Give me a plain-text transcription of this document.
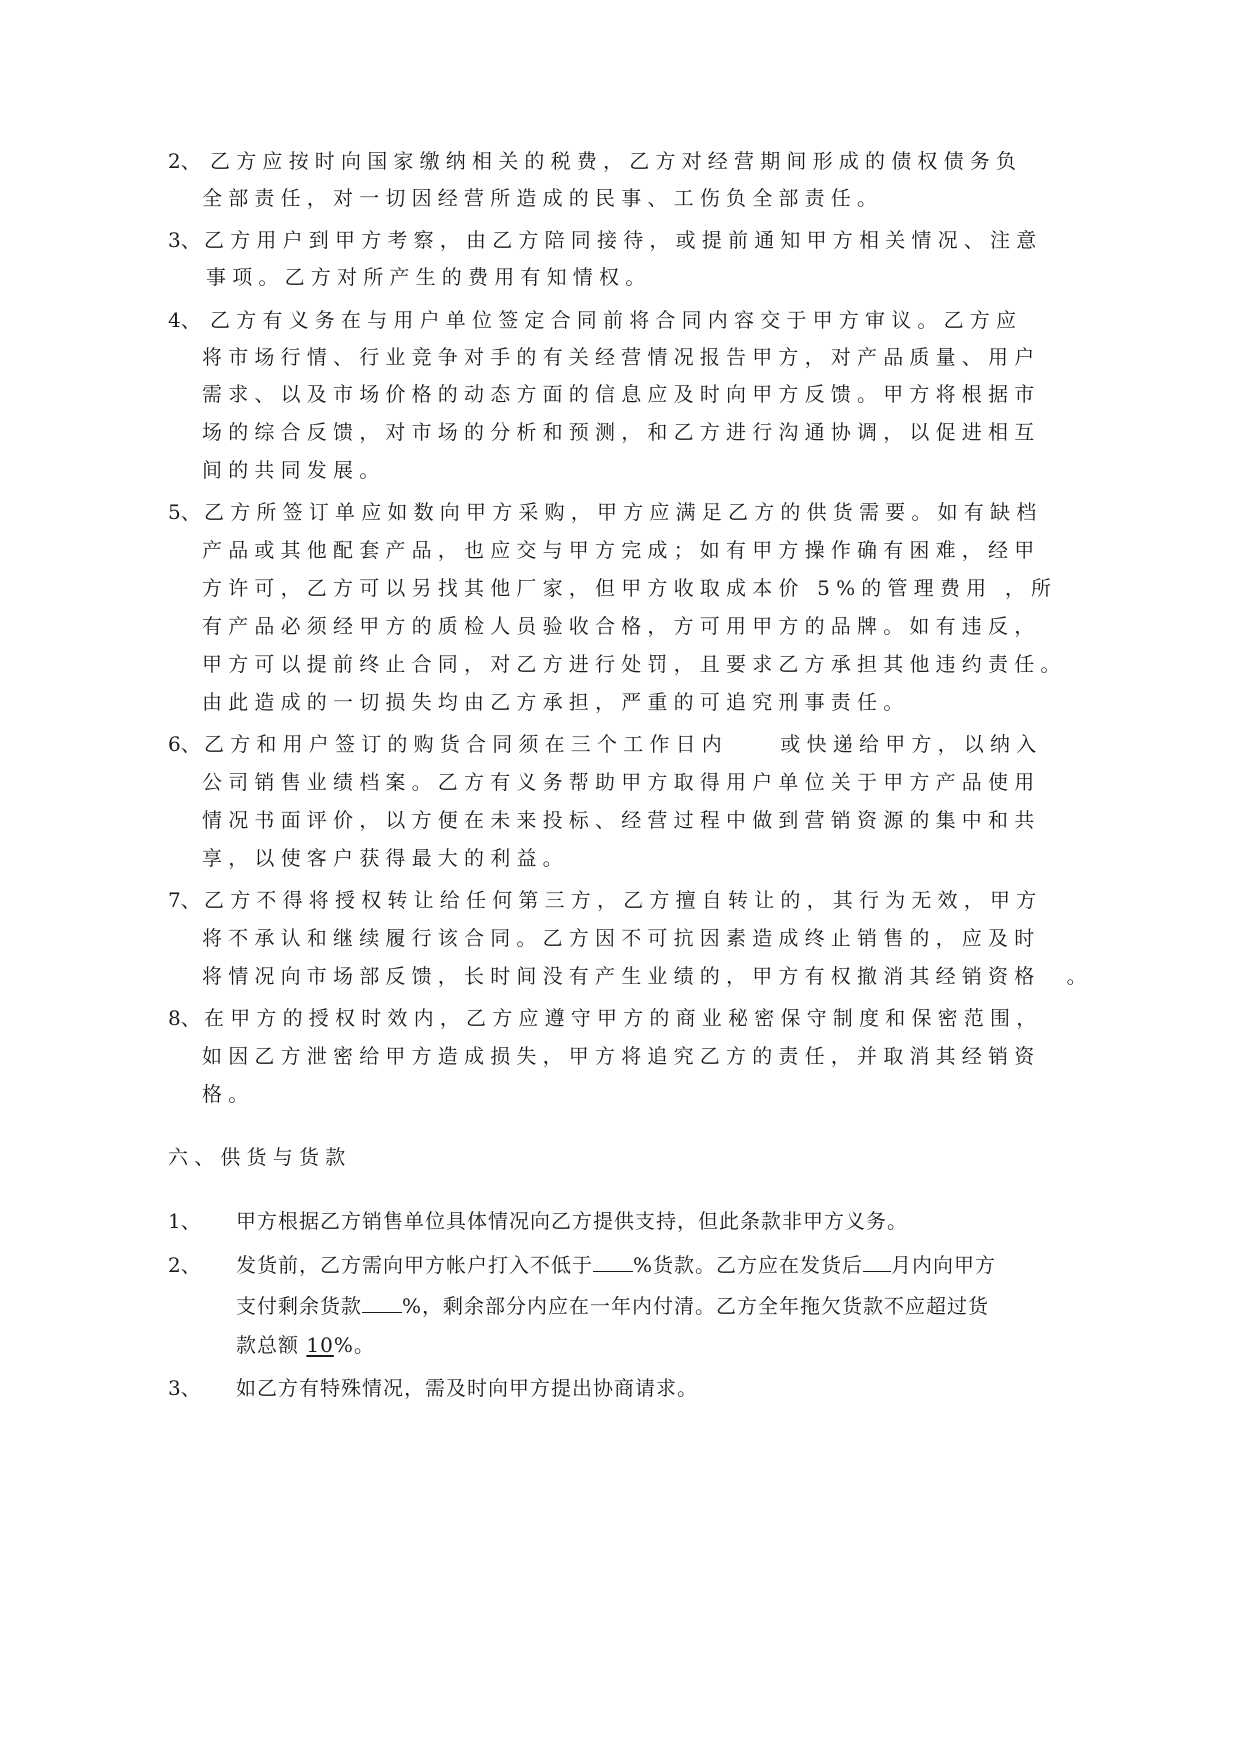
2、 乙方应按时向国家缴纳相关的税费，乙方对经营期间形成的债权债务负
全部责任，对一切因经营所造成的民事、工伤负全部责任。
3、 乙方用户到甲方考察，由乙方陪同接待，或提前通知甲方相关情况、注意
事项。乙方对所产生的费用有知情权。
4、 乙方有义务在与用户单位签定合同前将合同内容交于甲方审议。乙方应
将市场行情、行业竞争对手的有关经营情况报告甲方，对产品质量、用户
需求、以及市场价格的动态方面的信息应及时向甲方反馈。甲方将根据市
场的综合反馈，对市场的分析和预测，和乙方进行沟通协调，以促进相互
间的共同发展。
5、 乙方所签订单应如数向甲方采购，甲方应满足乙方的供货需要。如有缺档
产品或其他配套产品，也应交与甲方完成；如有甲方操作确有困难，经甲
方许可，乙方可以另找其他厂家，但甲方收取成本价 5%的管理费用 ，所
有产品必须经甲方的质检人员验收合格，方可用甲方的品牌。如有违反，
甲方可以提前终止合同，对乙方进行处罚，且要求乙方承担其他违约责任。
由此造成的一切损失均由乙方承担，严重的可追究刑事责任。
6、 乙方和用户签订的购货合同须在三个工作日内　　或快递给甲方，以纳入
公司销售业绩档案。乙方有义务帮助甲方取得用户单位关于甲方产品使用
情况书面评价，以方便在未来投标、经营过程中做到营销资源的集中和共
享，以使客户获得最大的利益。
7、 乙方不得将授权转让给任何第三方，乙方擅自转让的，其行为无效，甲方
将不承认和继续履行该合同。乙方因不可抗因素造成终止销售的，应及时
将情况向市场部反馈，长时间没有产生业绩的，甲方有权撤消其经销资格　。
8、 在甲方的授权时效内，乙方应遵守甲方的商业秘密保守制度和保密范围，
如因乙方泄密给甲方造成损失，甲方将追究乙方的责任，并取消其经销资
格。
六、供货与货款
1、 甲方根据乙方销售单位具体情况向乙方提供支持，但此条款非甲方义务。
2、 发货前，乙方需向甲方帐户打入不低于 %货款。乙方应在发货后 月内向甲方
支付剩余货款 %，剩余部分内应在一年内付清。乙方全年拖欠货款不应超过货
款总额 10%。
3、 如乙方有特殊情况，需及时向甲方提出协商请求。
